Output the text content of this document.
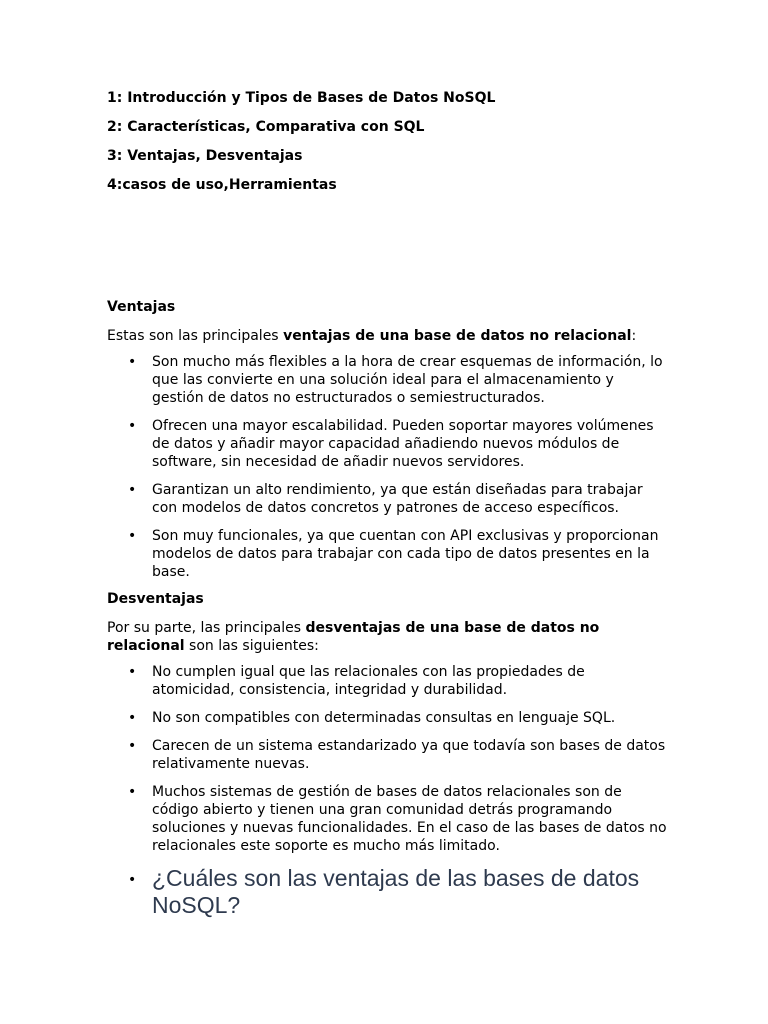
1: Introducción y Tipos de Bases de Datos NoSQL

2: Características, Comparativa con SQL

3: Ventajas, Desventajas

4:casos de uso,Herramientas

Ventajas

Estas son las principales ventajas de una base de datos no relacional:

• Son mucho más flexibles a la hora de crear esquemas de información, lo que las convierte en una solución ideal para el almacenamiento y gestión de datos no estructurados o semiestructurados.
• Ofrecen una mayor escalabilidad. Pueden soportar mayores volúmenes de datos y añadir mayor capacidad añadiendo nuevos módulos de software, sin necesidad de añadir nuevos servidores.
• Garantizan un alto rendimiento, ya que están diseñadas para trabajar con modelos de datos concretos y patrones de acceso específicos.
• Son muy funcionales, ya que cuentan con API exclusivas y proporcionan modelos de datos para trabajar con cada tipo de datos presentes en la base.

Desventajas

Por su parte, las principales desventajas de una base de datos no relacional son las siguientes:

• No cumplen igual que las relacionales con las propiedades de atomicidad, consistencia, integridad y durabilidad.
• No son compatibles con determinadas consultas en lenguaje SQL.
• Carecen de un sistema estandarizado ya que todavía son bases de datos relativamente nuevas.
• Muchos sistemas de gestión de bases de datos relacionales son de código abierto y tienen una gran comunidad detrás programando soluciones y nuevas funcionalidades. En el caso de las bases de datos no relacionales este soporte es mucho más limitado.
• ¿Cuáles son las ventajas de las bases de datos NoSQL?
